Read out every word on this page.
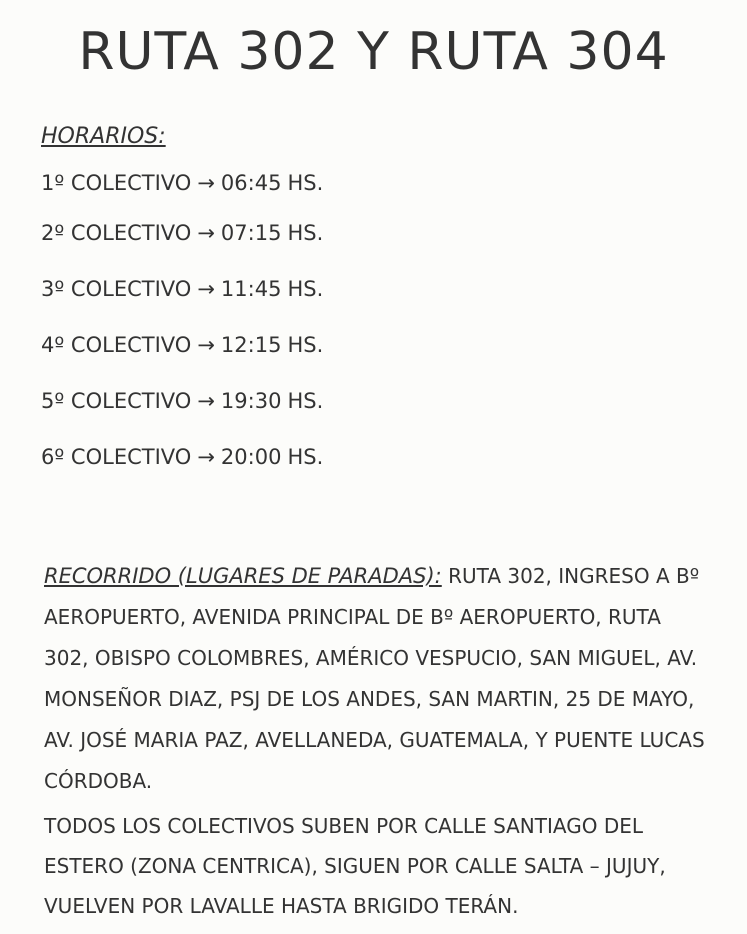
RUTA 302 Y RUTA 304
HORARIOS:
1º COLECTIVO → 06:45 HS.
2º COLECTIVO → 07:15 HS.
3º COLECTIVO → 11:45 HS.
4º COLECTIVO → 12:15 HS.
5º COLECTIVO → 19:30 HS.
6º COLECTIVO → 20:00 HS.

RECORRIDO (LUGARES DE PARADAS): RUTA 302, INGRESO A Bº AEROPUERTO, AVENIDA PRINCIPAL DE Bº AEROPUERTO, RUTA 302, OBISPO COLOMBRES, AMÉRICO VESPUCIO, SAN MIGUEL, AV. MONSEÑOR DIAZ, PSJ DE LOS ANDES, SAN MARTIN, 25 DE MAYO, AV. JOSÉ MARIA PAZ, AVELLANEDA, GUATEMALA, Y PUENTE LUCAS CÓRDOBA.

TODOS LOS COLECTIVOS SUBEN POR CALLE SANTIAGO DEL ESTERO (ZONA CENTRICA), SIGUEN POR CALLE SALTA – JUJUY, VUELVEN POR LAVALLE HASTA BRIGIDO TERÁN.
